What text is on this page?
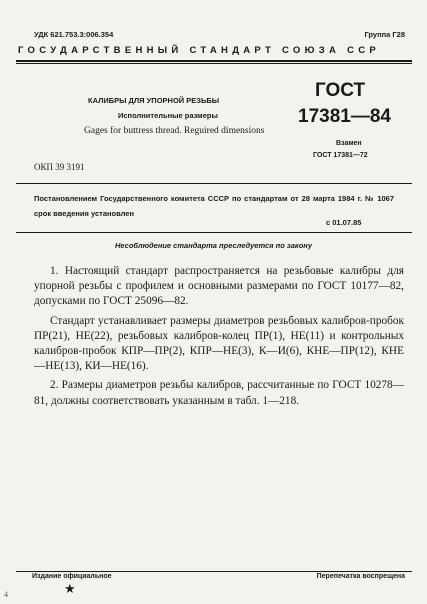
УДК 621.753.3:006.354	Группа Г28
ГОСУДАРСТВЕННЫЙ СТАНДАРТ СОЮЗА ССР
КАЛИБРЫ ДЛЯ УПОРНОЙ РЕЗЬБЫ
Исполнительные размеры
Gages for buttress thread. Reguired dimensions
ГОСТ
17381—84
Взамен
ГОСТ 17381—72
ОКП 39 3191
Постановлением Государственного комитета СССР по стандартам от 28 марта 1984 г. № 1067 срок введения установлен
с 01.07.85
Несоблюдение стандарта преследуется по закону

1. Настоящий стандарт распространяется на резьбовые калибры для упорной резьбы с профилем и основными размерами по ГОСТ 10177—82, допусками по ГОСТ 25096—82.

Стандарт устанавливает размеры диаметров резьбовых калибров-пробок ПР(21), НЕ(22), резьбовых калибров-колец ПР(1), НЕ(11) и контрольных калибров-пробок КПР—ПР(2), КПР—НЕ(3), К—И(6), КНЕ—ПР(12), КНЕ—НЕ(13), КИ—НЕ(16).

2. Размеры диаметров резьбы калибров, рассчитанные по ГОСТ 10278—81, должны соответствовать указанным в табл. 1—218.

Издание официальное	Перепечатка воспрещена
★
4
